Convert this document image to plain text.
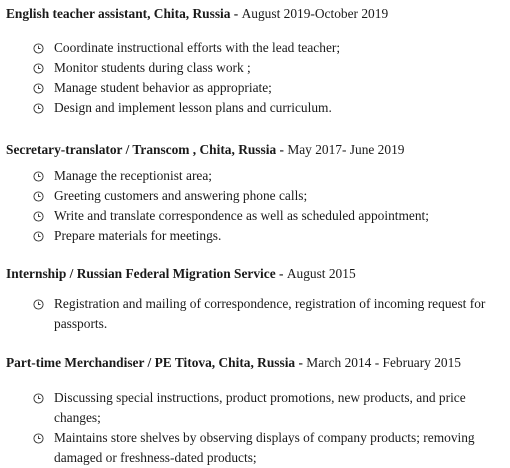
English teacher assistant, Chita, Russia - August 2019-October 2019
Coordinate instructional efforts with the lead teacher;
Monitor students during class work ;
Manage student behavior as appropriate;
Design and implement lesson plans and curriculum.
Secretary-translator / Transcom , Chita, Russia - May 2017- June 2019
Manage the receptionist area;
Greeting customers and answering phone calls;
Write and translate correspondence as well as scheduled appointment;
Prepare materials for meetings.
Internship / Russian Federal Migration Service - August 2015
Registration and mailing of correspondence, registration of incoming request for passports.
Part-time Merchandiser / PE Titova, Chita, Russia - March 2014 - February 2015
Discussing special instructions, product promotions, new products, and price changes;
Maintains store shelves by observing displays of company products; removing damaged or freshness-dated products;
